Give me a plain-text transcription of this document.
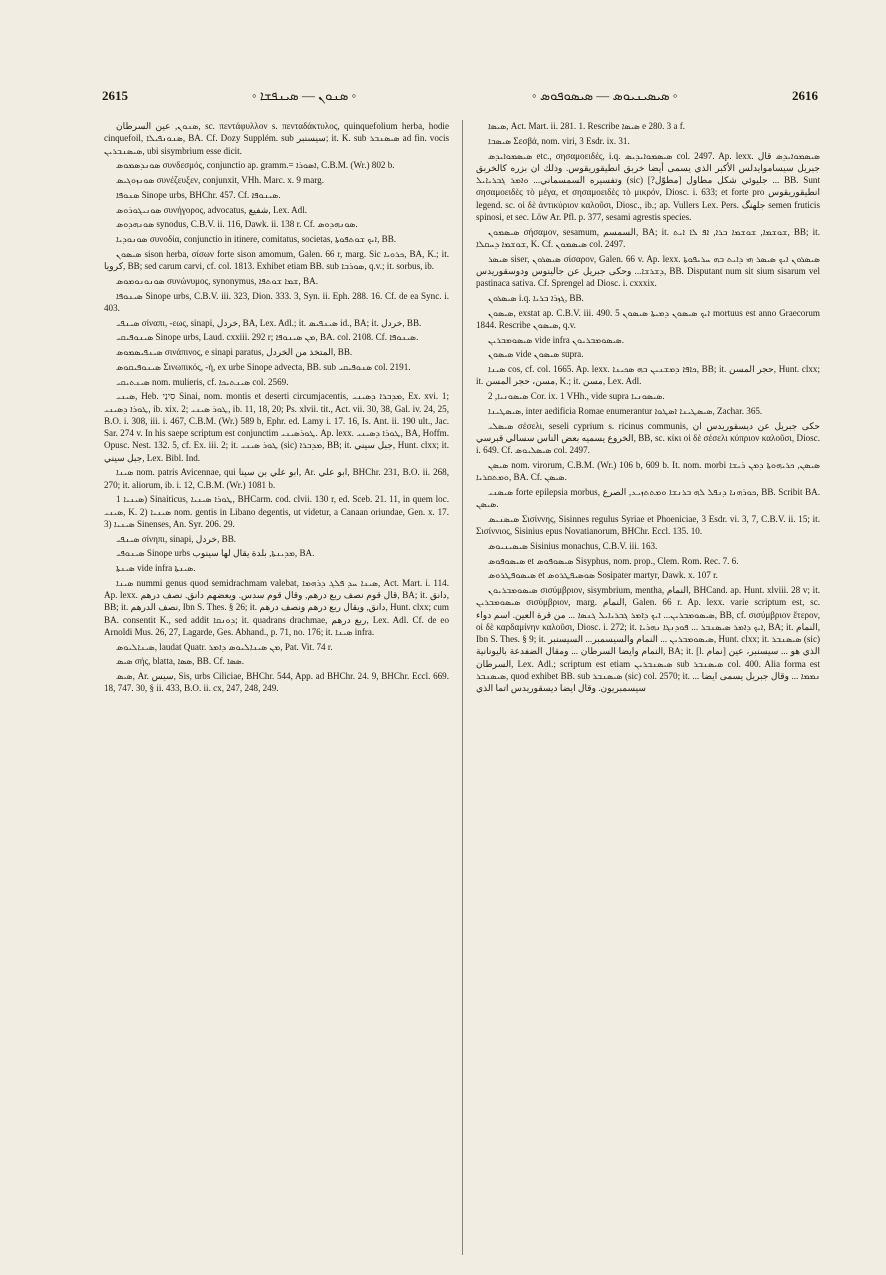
2615	◦ ܣܢܘܢ — ܣܝܢܦܫܐ ◦	◦ ܣܝܣܝܢܝܘܣ — ܣܝܣܘܦܘܣ ◦	2616

ܣܢܘܢ, عين السرطان, sc. πεντάφυλλον s. πενταδάκτυλος, quinquefolium herba, hodie cinquefoil, ܣܢܘܢܦܝܠܐ, BA. Cf. Dozy Supplém. sub سيسنبر; it. K. sub ܣܝܣܢܒܪ ad fin. vocis ܣܝܣܢܒܪܝܢ, ubi sisymbrium esse dicit.

ܣܘܢܕܣܡܘܣ συνδεσμός, conjunctio ap. gramm.= ܐܣܘܪܐ, C.B.M. (Wr.) 802 b.

ܣܘܢܙܘܓܝܣ συνέζευξεν, conjunxit, VHh. Marc. x. 9 marg.

ܣܢܘܦܐ Sinope urbs, BHChr. 457. Cf. ܣܝܢܘܦܐ.

ܣܘܢܝܓܘܪܘܣ συνήγορος, advocatus, شفيع, Lex. Adl.

ܣܘܢܗܕܘܣ synodus, C.B.V. ii. 116, Dawk. ii. 138 r. Cf. ܣܘܢܗܕܘܣ.

ܣܘܢܘܕܝܐ συνοδία, conjunctio in itinere, comitatus, societas, ܐܝܟ ܫܘܬܦܘܬܐ, BB.

ܣܝܣܘܢ sison herba, σίσων forte sison amomum, Galen. 66 r, marg. Sic ܟܪܘܝܐ, BA, K.; it. كرويا, BB; sed carum carvi, cf. col. 1813. Exhibet etiam BB. sub ܣܘܪܒܐ, q.v.; it. sorbus, ib.

ܣܘܢܘܢܘܡܘܣ συνώνυμος, synonymus, ܫܡܐ ܫܘܬܦܐ, BA.

ܣܝܢܘܦܐ Sinope urbs, C.B.V. iii. 323, Dion. 333. 3, Syn. ii. Eph. 288. 16. Cf. de ea Sync. i. 403.

ܣܝܢܦܝ σίναπι, -εως, sinapi, خردل, BA, Lex. Adl.; it. ܣܝܢܦܝܣ id., BA; it. خردل, BB.

ܣܝܢܘܦܝܩܝ Sinope urbs, Laud. cxxiii. 292 r; ܡܢ ܣܝܢܘܦܐ, BA. col. 2108. Cf. ܣܝܢܘܦܐ.

ܣܝܢܦܝܣܡܘܣ σινάπινος, e sinapi paratus, المتخذ من الخردل, BB.

ܣܝܢܘܦܝܩܘܣ Σινωπικός, -ή, ex urbe Sinope advecta, BB. sub ܣܢܘܦܝܩܝ col. 2191.

ܣܝܢܬܝܩܝ nom. mulieris, cf. ܣܝܢܬܝܟܐ col. 2569.

ܣܝܢܝ, Heb. סִינַי Sinai, nom. montis et deserti circumjacentis, ܡܕܒܪܐ ܕܣܝܢܝ, Ex. xvi. 1; ܛܘܪܐ ܕܣܝܢܝ, ib. xix. 2; ܛܘܪ ܣܝܢܝ, ib. 11, 18, 20; Ps. xlvii. tit., Act. vii. 30, 38, Gal. iv. 24, 25, B.O. i. 308, iii. i. 467, C.B.M. (Wr.) 589 b, Ephr. ed. Lamy i. 17. 16, Is. Ant. ii. 190 ult., Jac. Sar. 274 v. In his saepe scriptum est conjunctim ܛܘܪܣܝܢܝ. Ap. lexx. ܛܘܪܐ ܕܣܝܢܝ, BA, Hoffm. Opusc. Nest. 132. 5, cf. Ex. iii. 2; it. ܛܘܪ ܣܝܢܝ (sic) ܡܕܒܪܐ, BB; it. جبل سيني, Hunt. clxx; it. جبل سيني, Lex. Bibl. Ind.

ܣܝܢܐ nom. patris Avicennae, qui ابو علي بن سينا, Ar. ابو علي, BHChr. 231, B.O. ii. 268, 270; it. aliorum, ib. i. 12, C.B.M. (Wr.) 1081 b.

ܣܝܢܝܐ 1) Sinaiticus, ܛܘܪܐ ܣܝܢܝܐ, BHCarm. cod. clvii. 130 r, ed. Sceb. 21. 11, in quem loc. ܣܝܢܝ, K. 2) ܣܝܢܝܐ nom. gentis in Libano degentis, ut videtur, a Canaan oriundae, Gen. x. 17. 3) ܣܝܢܝܐ Sinenses, An. Syr. 206. 29.

ܣܝܢܦܝ σίνηπι, sinapi, خردل, BB.

ܣܝܢܘܦܝ Sinope urbs ܡܕܝܢܬܐ, بلدة يقال لها سينوب, BA.

ܣܝܢܬܐ vide infra ܣܝܢܬܐ.

ܣܝܢܐ nummi genus quod semidrachmam valebat, ܣܝܢܐ ܚܕ ܦܠܓ ܕܪܗܡܐ, Act. Mart. i. 114. Ap. lexx. قال قوم نصف ربع درهم, وقال قوم سدس. ويعضهم دانق. نصف درهم, BA; it. دانق, BB; it. نصف الدرهم, Ibn S. Thes. § 26; it. دانق, ويقال ربع درهم ونصف درهم, Hunt. clxx; cum BA. consentit K., sed addit ܕܘܢܩܐ; it. quadrans drachmae, ربع درهم, Lex. Adl. Cf. de eo Arnoldi Mus. 26, 27, Lagarde, Ges. Abhand., p. 71, no. 176; it. ܣܝܢܐ infra.

ܣܝܢܐܠܝܘܣ, laudat Quatr. ܡܢ ܣܝܢܐܠܝܘܣ ܕܐܡܪ, Pat. Vit. 74 r.

ܣܝܣ σής, blatta, ܣܣܐ, BB. Cf. ܣܣܐ.

ܣܝܣ, Ar. سيس, Sis, urbs Ciliciae, BHChr. 544, App. ad BHChr. 24. 9, BHChr. Eccl. 669. 18, 747. 30, § ii. 433, B.O. ii. cx, 247, 248, 249.

ܣܝܣܐ, Act. Mart. ii. 281. 1. Rescribe ܣܝܣܐ e 280. 3 a f.

ܣܝܣܒܐ Σεσβά, nom. viri, 3 Esdr. ix. 31.

ܣܝܣܡܘܐܝܕܣ etc., σησαμοειδές, i.q. ܣܝܣܡܘܐܝܕܝܣ col. 2497. Ap. lexx. ܣܝܣܡܘܐܝܕܣ قال جبريل سيساموايدلس الأكبر الذي يسمى أيضا خربق انطيقوريقوس. وذلك ان بزره كالخربق وتفسيره السمسماني... ܘܐܡܪ ܓܒܪܝܐܝܠ (sic) جليوئي شكل مطاول [مطوّل?] ... BB. Sunt σησαμοειδὲς τὸ μέγα, et σησαμοειδὲς τὸ μικρόν, Diosc. i. 633; et forte pro انطيقوريقوس legend. sc. οἱ δὲ ἀντικύριον καλοῦσι, Diosc., ib.; ap. Vullers Lex. Pers. جلهنگ semen fruticis spinosi, et sec. Löw Ar. Pfl. p. 377, sesami agrestis species.

ܣܝܣܡܘܢ σήσαμον, sesamum, السمسم, BA; it. ܫܘܫܡܐ, ܫܘܫܡܐ ܒܪܐ, ܐܦ ܠܐ ܐܝܬ, BB; it. ܫܘܫܡܐ ܕܚܩܠܐ, K. Cf. ܣܝܣܡܘܢ col. 2497.

ܣܝܣܪ siser, ܣܝܣܪܘܢ σίσαρον, Galen. 66 v. Ap. lexx. ܣܝܣܪܘܢ ܐܝܟ ܣܝܣܪ ܗܝ ܕܐܝܬ ܒܗ ܚܪܝܦܘܬܐ ܕܫܪܫܐ... وحكى جبريل عن جالينوس ودوسقوريدس, BB. Disputant num sit sium sisarum vel pastinaca sativa. Cf. Sprengel ad Diosc. i. cxxxix.

ܣܝܣܪܘܢ i.q. ܓܙܪܐ ܒܪܝܐ, BB.

ܣܝܣܘܢ, exstat ap. C.B.V. iii. 490. 5 ܐܝܟ ܣܝܣܘܢ ܕܡܝܬܐ ܣܝܣܘܢ mortuus est anno Graecorum 1844. Rescribe ܣܝܣܘܢ, q.v.

ܣܝܣܘܡܒܪܝܢ vide infra ܣܝܣܘܡܒܪܝܘܢ.

ܣܝܣܘܢ vide ܣܝܣܘܢ supra.

ܣܝܢܐ cos, cf. col. 1665. Ap. lexx. ܟܐܦܐ ܕܡܫܢܝܢ ܒܗ ܣܟܝܢܐ, BB; it. حجر المسن, Hunt. clxx; it. مسن، حجر المسن, K.; it. مسن, Lex. Adl.

ܣܝܣܘܢܝܐ, 2 Cor. ix. 1 VHh., vide supra ܣܝܣܘܢܝܐ.

ܣܝܣܛܝܢܐ, inter aedificia Romae enumerantur ܣܝܣܛܝܢܐ ܐܣܛܘܐ, Zachar. 365.

ܣܝܣܠܝ σέσελι, seseli cyprium s. ricinus communis, حكى جبريل عن ديسقوريدس ان الخروع يسميه بعض الناس سسالي قبرسي, BB, sc. κίκι οἱ δὲ σέσελι κύπριον καλοῦσι, Diosc. i. 649. Cf. ܣܝܣܠܝܘܣ col. 2497.

ܣܝܣܢ nom. virorum, C.B.M. (Wr.) 106 b, 609 b. It. nom. morbi ܣܝܣܢ, ܟܪܝܗܘܬܐ ܕܡܢ ܪܝܫܐ ܘܡܬܩܪܝܐ, BA. Cf. ܣܝܣܢ.

ܣܝܣܢܝ forte epilepsia morbus, ܟܘܪܗܢܐ ܕܢܦܠ ܠܗ ܒܪܢܫܐ ܘܡܬܬܙܝܥ, الصرع, BB. Scribit BA. ܣܝܣܢ.

ܣܝܣܢܝܣ Σισίννης, Sisinnes regulus Syriae et Phoeniciae, 3 Esdr. vi. 3, 7, C.B.V. ii. 15; it. Σισίννιος, Sisinius epus Novatianorum, BHChr. Eccl. 135. 10.

ܣܝܣܝܢܝܘܣ Sisinius monachus, C.B.V. iii. 163.

ܣܝܣܘܦܘܣ et ܣܝܣܘܦܘܣ Sisyphus, nom. prop., Clem. Rom. Rec. 7. 6.

ܣܝܣܘܦܛܪܘܣ et ܣܘܣܝܦܛܪܘܣ Sosipater martyr, Dawk. x. 107 r.

ܣܝܣܘܡܒܪܝܘܢ σισύμβριον, sisymbrium, mentha, النمام, BHCand. ap. Hunt. xlviii. 28 v; it. ܣܝܣܘܡܒܪܝܢ σισύμβριον, marg. النمام, Galen. 66 r. Ap. lexx. varie scriptum est, sc. ܣܝܣܘܡܒܪܝܢ... ܐܝܟ ܕܐܡܪ ܓܒܪܝܐܝܠ ܓܢܣܐ ... من قرة العين. اسم دواء, BB, cf. σισύμβριον ἕτερον, οἱ δὲ καρδαμίνην καλοῦσι, Diosc. i. 272; it. ܐܝܟ ܕܐܡܪ ܣܝܣܢܒܪ ... ܦܘܕܢܓܐ ܢܗܪܝܐ, BA; it. النمام, Ibn S. Thes. § 9; it. ܣܝܣܘܡܒܪܝܢ ... النمام والسيسمبر... السيسنبر, Hunt. clxx; it. ܣܝܣܢܒܪ (sic) النمام وايضا السرطان ... ومقال الضفدعة باليونانية, BA; it. [l. نمام] الذي هو ... سيسنبر، عين السرطان, Lex. Adl.; scriptum est etiam ܣܝܣܢܒܪܝܢ sub ܣܝܣܢܒܪ col. 400. Alia forma est ܣܝܣܢܒܪ, quod exhibet BB. sub ܣܝܣܢܒܪ (sic) col. 2570; it. ... ܢܡܡܐ ... وقال جبريل يسمى ايضا سيسمبريون. وقال ايضا ديسقوريدس اتما الذي
